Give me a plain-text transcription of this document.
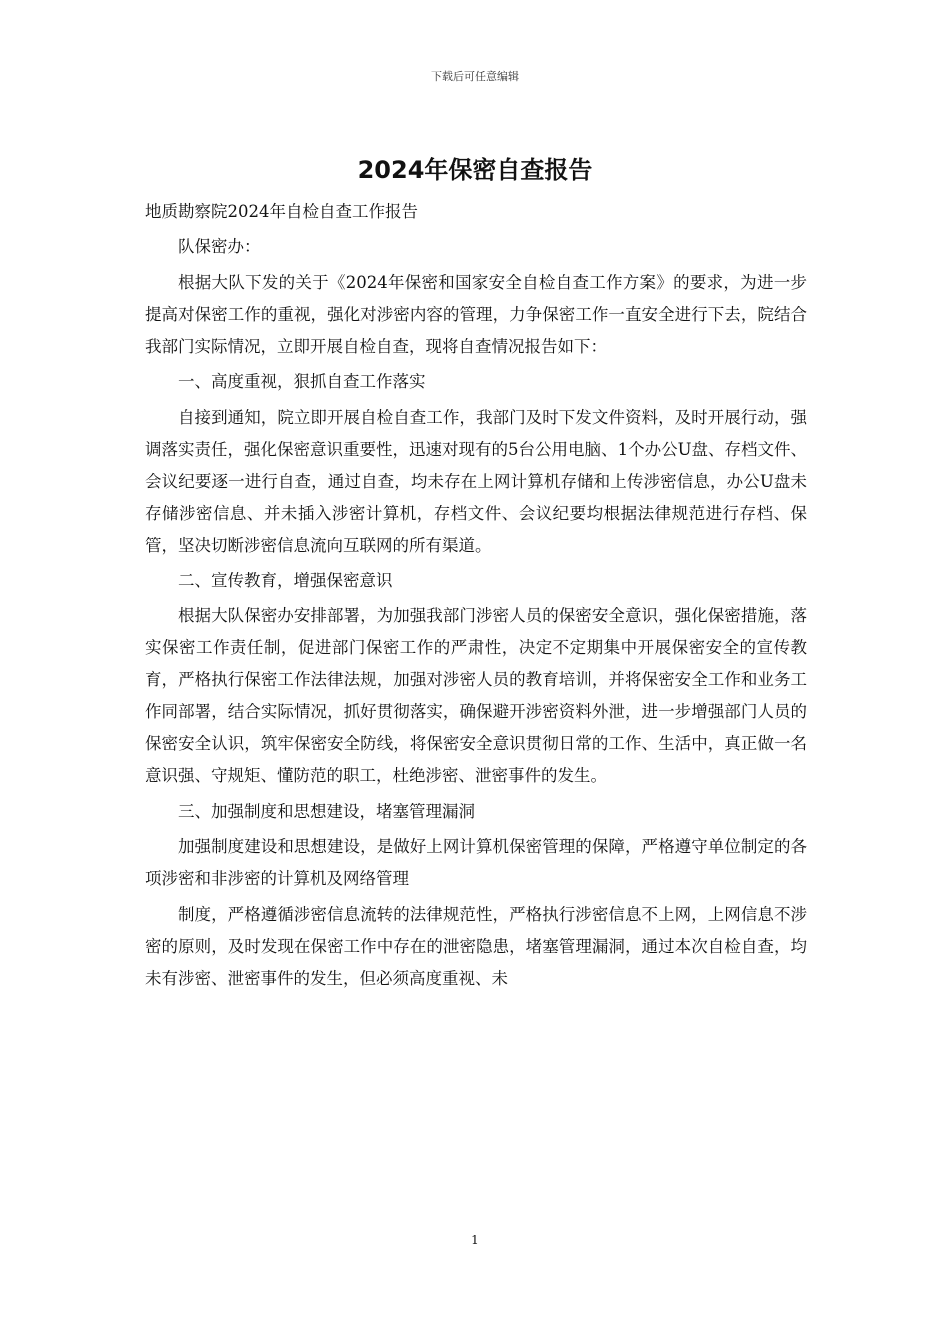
下载后可任意编辑
2024年保密自查报告

地质勘察院2024年自检自查工作报告

队保密办：

根据大队下发的关于《2024年保密和国家安全自检自查工作方案》的要求，为进一步提高对保密工作的重视，强化对涉密内容的管理，力争保密工作一直安全进行下去，院结合我部门实际情况，立即开展自检自查，现将自查情况报告如下：

一、高度重视，狠抓自查工作落实

自接到通知，院立即开展自检自查工作，我部门及时下发文件资料，及时开展行动，强调落实责任，强化保密意识重要性，迅速对现有的5台公用电脑、1个办公U盘、存档文件、会议纪要逐一进行自查，通过自查，均未存在上网计算机存储和上传涉密信息，办公U盘未存储涉密信息、并未插入涉密计算机，存档文件、会议纪要均根据法律规范进行存档、保管，坚决切断涉密信息流向互联网的所有渠道。

二、宣传教育，增强保密意识

根据大队保密办安排部署，为加强我部门涉密人员的保密安全意识，强化保密措施，落实保密工作责任制，促进部门保密工作的严肃性，决定不定期集中开展保密安全的宣传教育，严格执行保密工作法律法规，加强对涉密人员的教育培训，并将保密安全工作和业务工作同部署，结合实际情况，抓好贯彻落实，确保避开涉密资料外泄，进一步增强部门人员的保密安全认识，筑牢保密安全防线，将保密安全意识贯彻日常的工作、生活中，真正做一名意识强、守规矩、懂防范的职工，杜绝涉密、泄密事件的发生。

三、加强制度和思想建设，堵塞管理漏洞

加强制度建设和思想建设，是做好上网计算机保密管理的保障，严格遵守单位制定的各项涉密和非涉密的计算机及网络管理

制度，严格遵循涉密信息流转的法律规范性，严格执行涉密信息不上网，上网信息不涉密的原则，及时发现在保密工作中存在的泄密隐患，堵塞管理漏洞，通过本次自检自查，均未有涉密、泄密事件的发生，但必须高度重视、未

1
